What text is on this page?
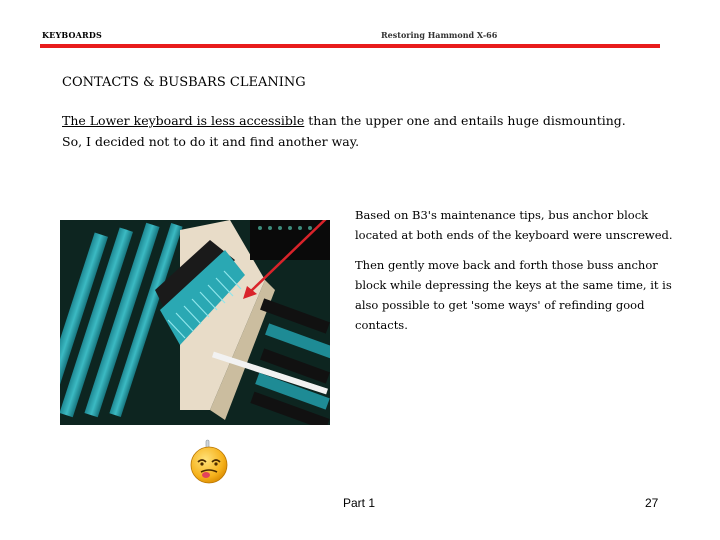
KEYBOARDS	Restoring Hammond X-66
CONTACTS & BUSBARS CLEANING
The Lower keyboard is less accessible than the upper one and entails huge dismounting.
So, I decided not to do it and find another way.

Based on B3's maintenance tips, bus anchor block located at both ends of the keyboard were unscrewed.

Then gently move back and forth those buss anchor block while depressing the keys at the same time, it is also possible to get 'some ways' of refinding good contacts.

Part 1	27
